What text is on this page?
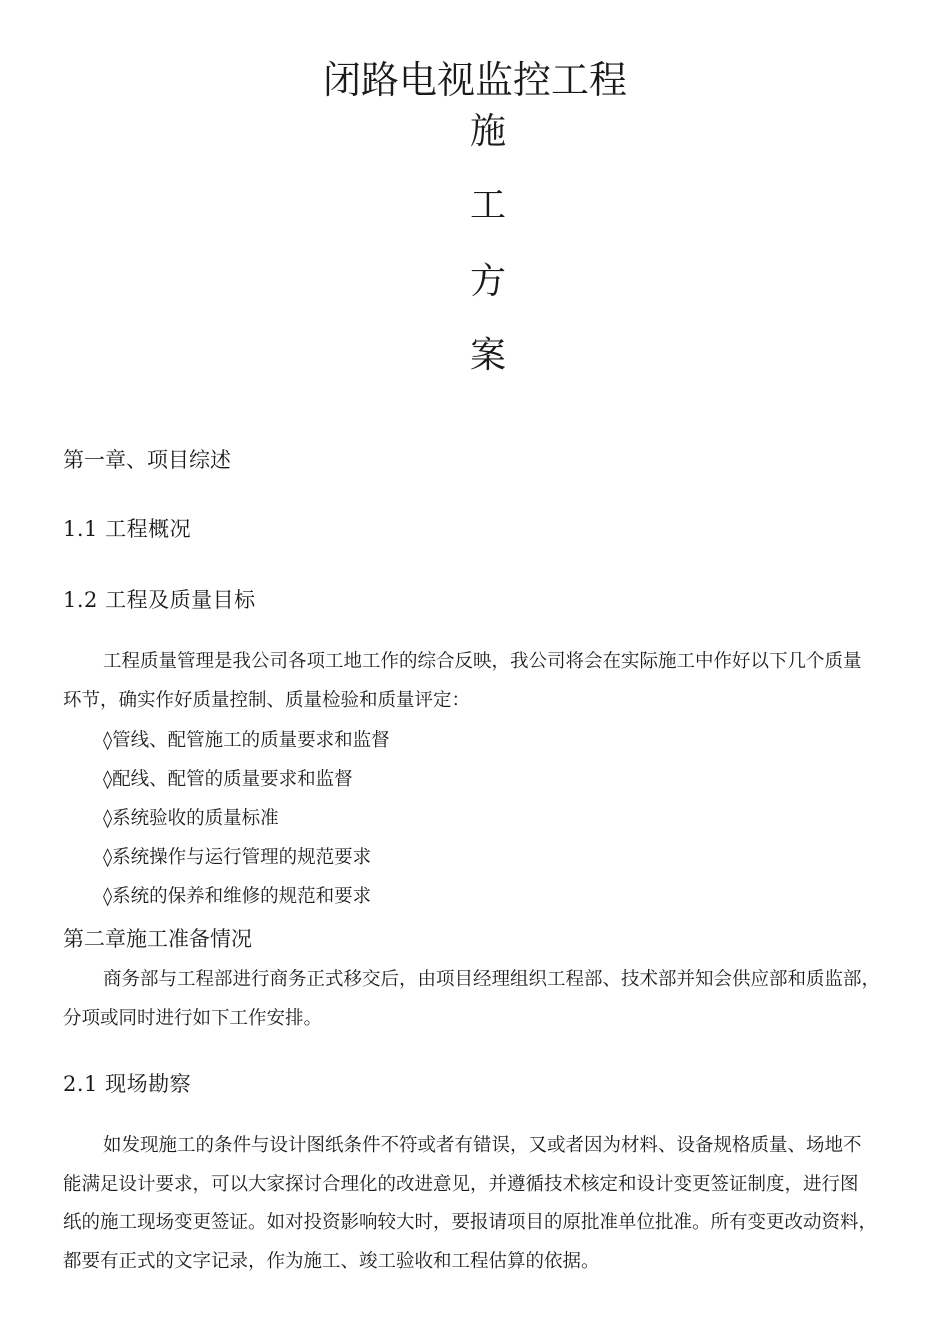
闭路电视监控工程
施
工
方
案
第一章、项目综述
1.1 工程概况
1.2 工程及质量目标
工程质量管理是我公司各项工地工作的综合反映，我公司将会在实际施工中作好以下几个质量
环节，确实作好质量控制、质量检验和质量评定：
◊管线、配管施工的质量要求和监督
◊配线、配管的质量要求和监督
◊系统验收的质量标准
◊系统操作与运行管理的规范要求
◊系统的保养和维修的规范和要求
第二章施工准备情况
商务部与工程部进行商务正式移交后，由项目经理组织工程部、技术部并知会供应部和质监部，
分项或同时进行如下工作安排。
2.1 现场勘察
如发现施工的条件与设计图纸条件不符或者有错误，又或者因为材料、设备规格质量、场地不
能满足设计要求，可以大家探讨合理化的改进意见，并遵循技术核定和设计变更签证制度，进行图
纸的施工现场变更签证。如对投资影响较大时，要报请项目的原批准单位批准。所有变更改动资料，
都要有正式的文字记录，作为施工、竣工验收和工程估算的依据。
